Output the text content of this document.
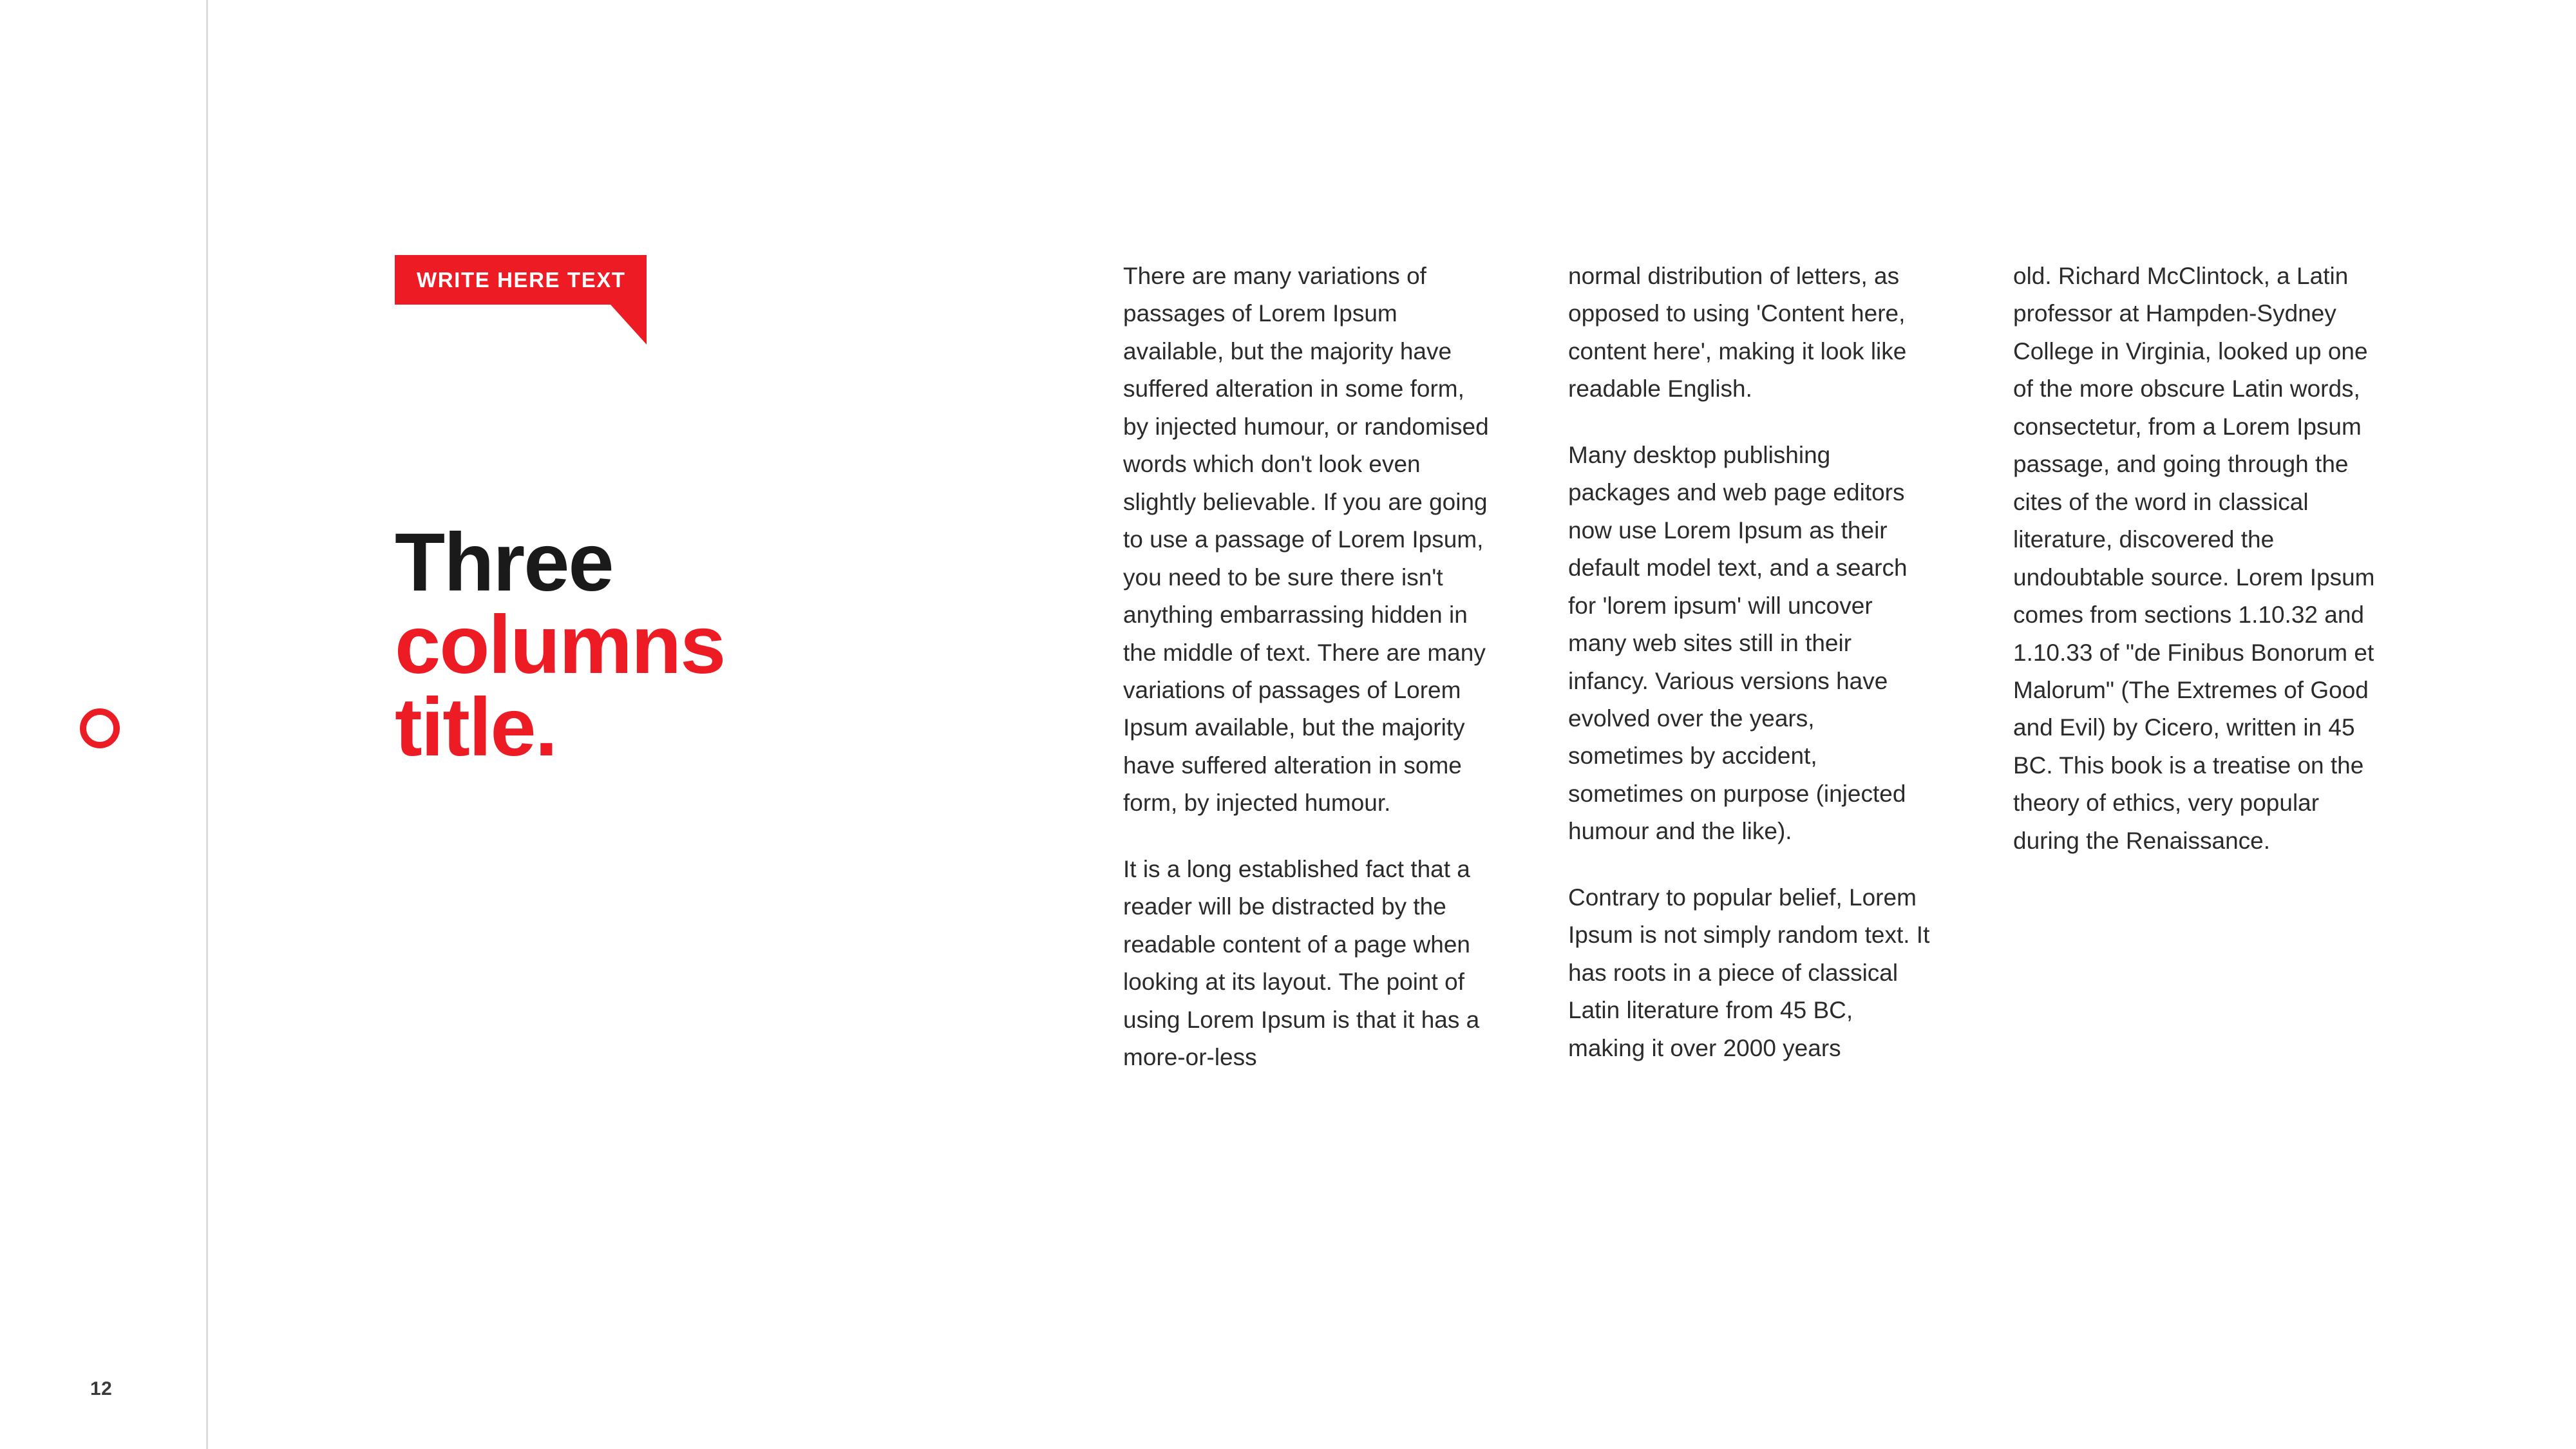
12
WRITE HERE TEXT
Three
columns
title.

There are many variations of passages of Lorem Ipsum available, but the majority have suffered alteration in some form, by injected humour, or randomised words which don't look even slightly believable. If you are going to use a passage of Lorem Ipsum, you need to be sure there isn't anything embarrassing hidden in the middle of text. There are many variations of passages of Lorem Ipsum available, but the majority have suffered alteration in some form, by injected humour.

It is a long established fact that a reader will be distracted by the readable content of a page when looking at its layout. The point of using Lorem Ipsum is that it has a more-or-less

normal distribution of letters, as opposed to using 'Content here, content here', making it look like readable English.

Many desktop publishing packages and web page editors now use Lorem Ipsum as their default model text, and a search for 'lorem ipsum' will uncover many web sites still in their infancy. Various versions have evolved over the years, sometimes by accident, sometimes on purpose (injected humour and the like).

Contrary to popular belief, Lorem Ipsum is not simply random text. It has roots in a piece of classical Latin literature from 45 BC, making it over 2000 years

old. Richard McClintock, a Latin professor at Hampden-Sydney College in Virginia, looked up one of the more obscure Latin words, consectetur, from a Lorem Ipsum passage, and going through the cites of the word in classical literature, discovered the undoubtable source. Lorem Ipsum comes from sections 1.10.32 and 1.10.33 of "de Finibus Bonorum et Malorum" (The Extremes of Good and Evil) by Cicero, written in 45 BC. This book is a treatise on the theory of ethics, very popular during the Renaissance.
